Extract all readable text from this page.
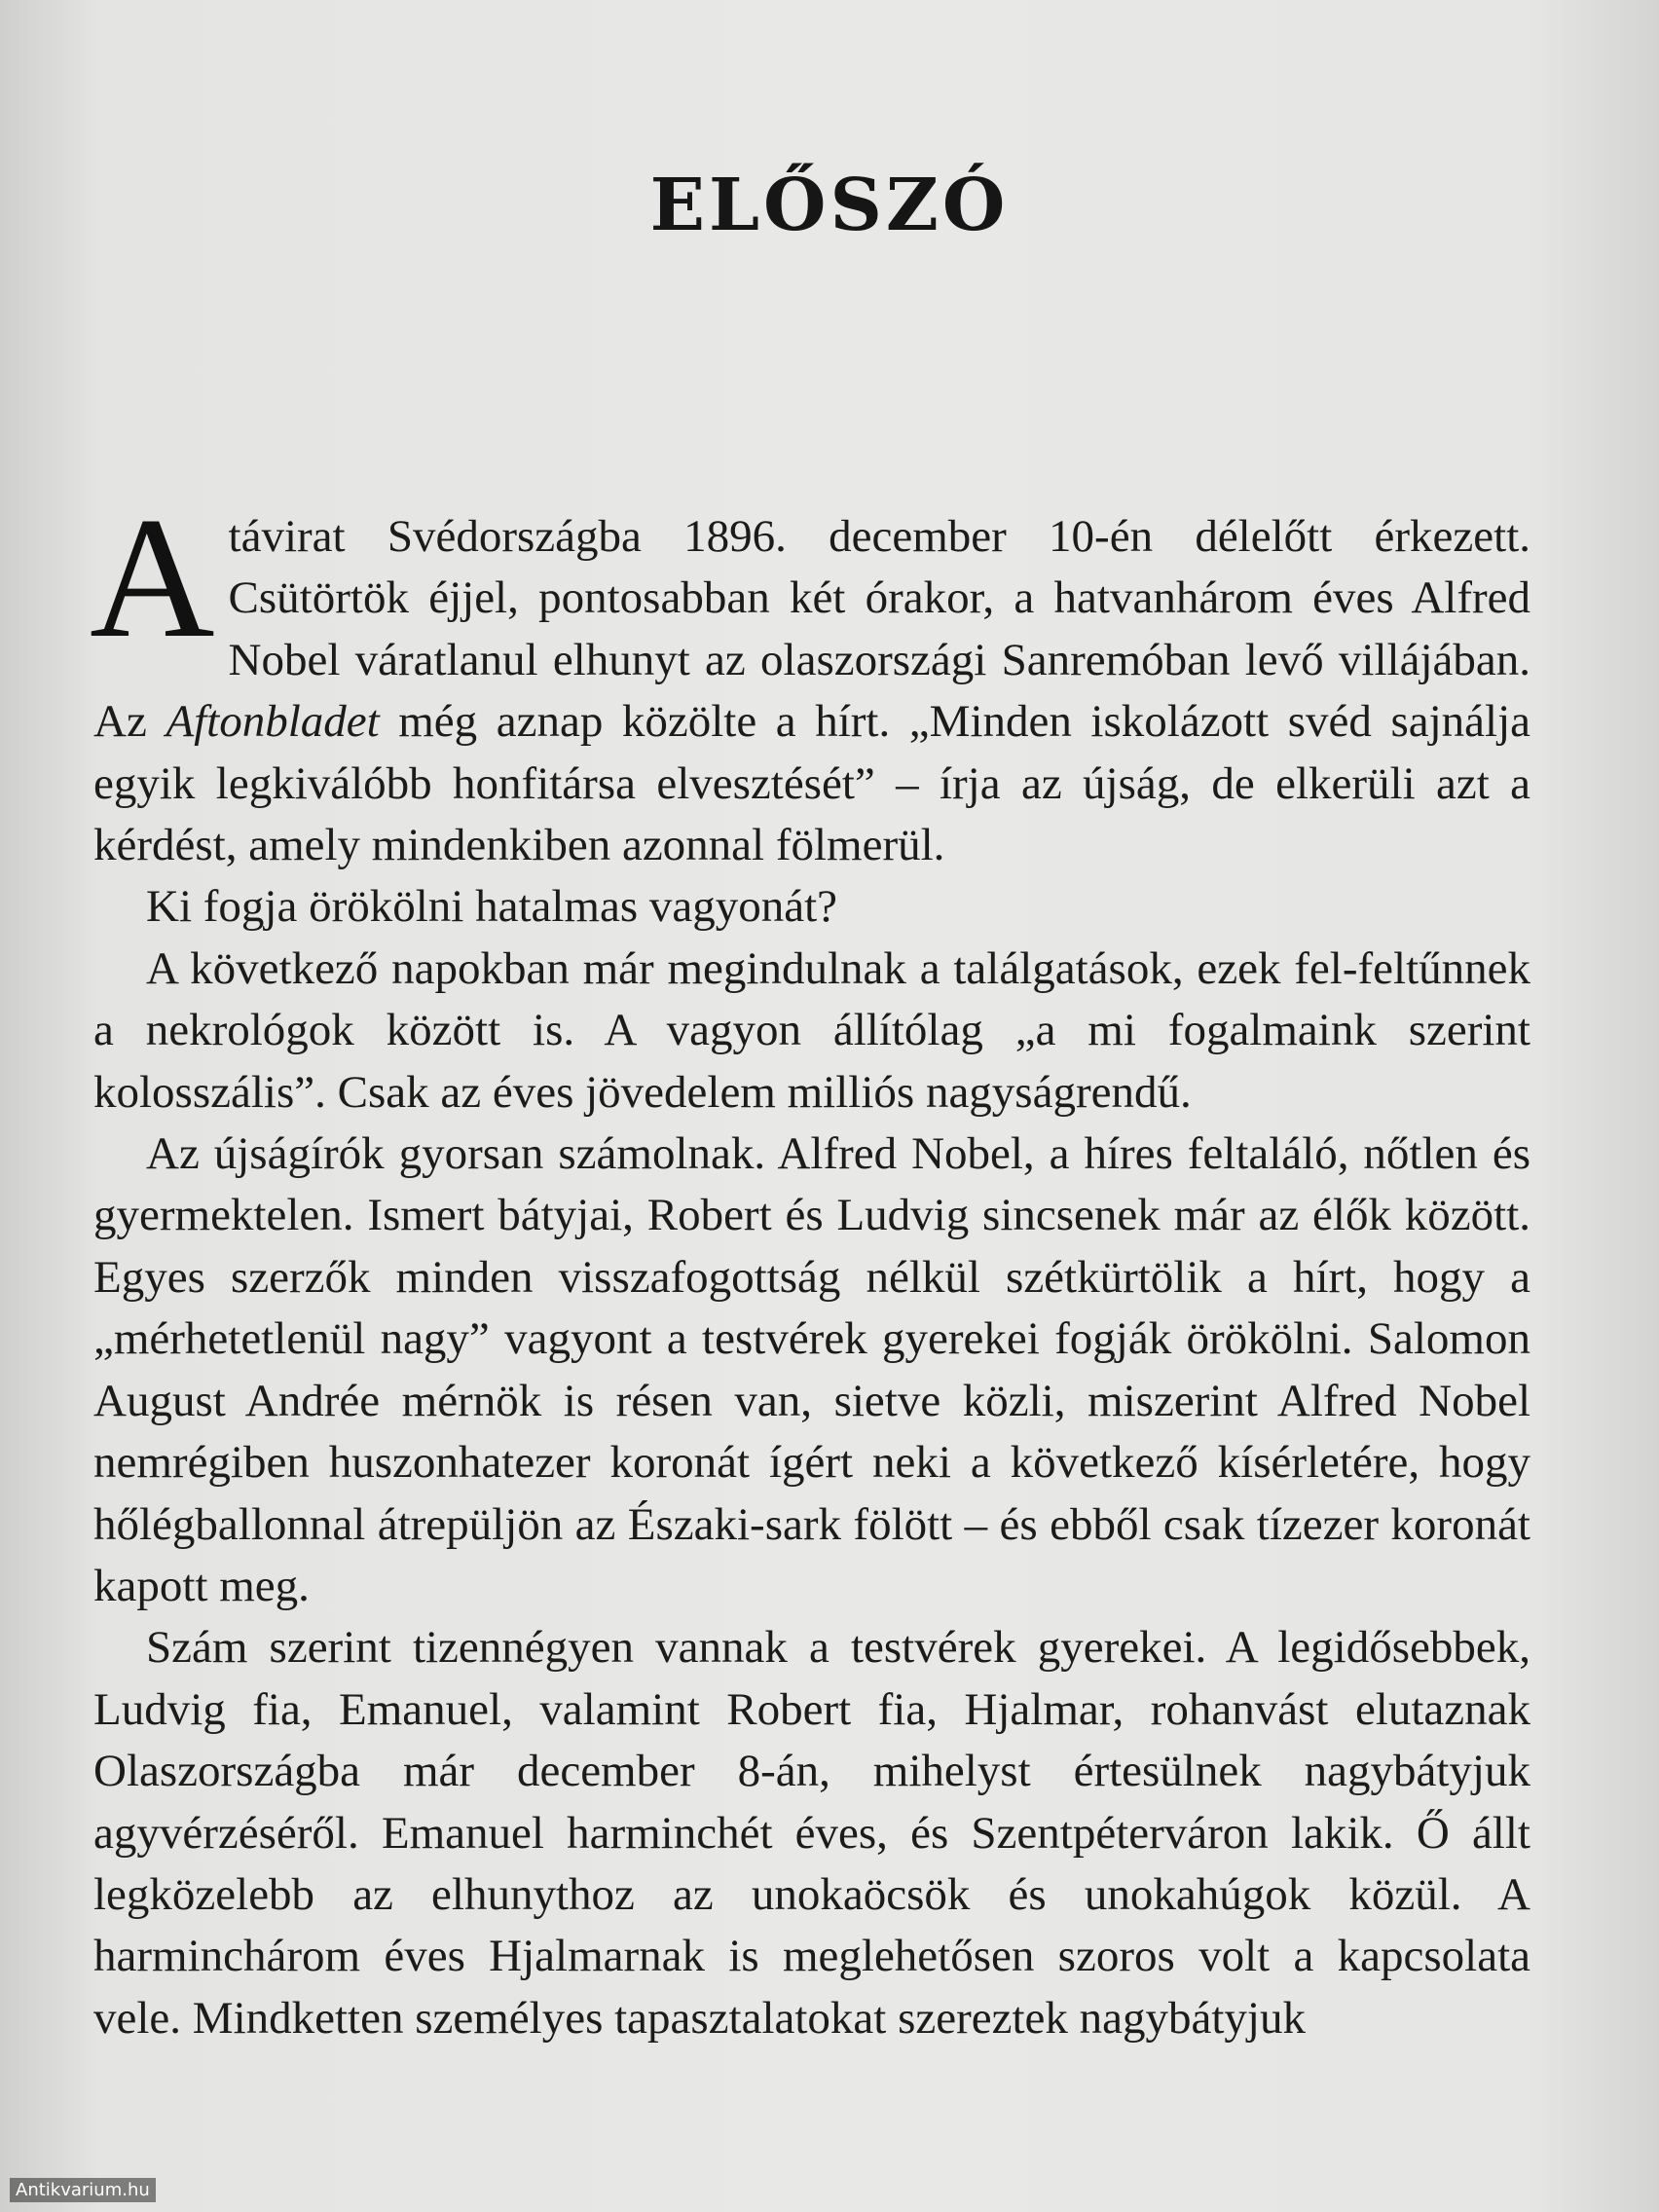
ELŐSZÓ

A távirat Svédországba 1896. december 10-én délelőtt érkezett. Csütörtök éjjel, pontosabban két órakor, a hatvanhárom éves Alfred Nobel váratlanul elhunyt az olaszországi Sanremóban levő villájában. Az Aftonbladet még aznap közölte a hírt. „Minden iskolázott svéd sajnálja egyik legkiválóbb honfitársa elvesztését” – írja az újság, de elkerüli azt a kérdést, amely mindenkiben azonnal fölmerül.

Ki fogja örökölni hatalmas vagyonát?

A következő napokban már megindulnak a találgatások, ezek fel-feltűnnek a nekrológok között is. A vagyon állítólag „a mi fogalmaink szerint kolosszális”. Csak az éves jövedelem milliós nagyságrendű.

Az újságírók gyorsan számolnak. Alfred Nobel, a híres feltaláló, nőtlen és gyermektelen. Ismert bátyjai, Robert és Ludvig sincsenek már az élők között. Egyes szerzők minden visszafogottság nélkül szétkürtölik a hírt, hogy a „mérhetetlenül nagy” vagyont a testvérek gyerekei fogják örökölni. Salomon August Andrée mérnök is résen van, sietve közli, miszerint Alfred Nobel nemrégiben huszonhatezer koronát ígért neki a következő kísérletére, hogy hőlégballonnal átrepüljön az Északi-sark fölött – és ebből csak tízezer koronát kapott meg.

Szám szerint tizennégyen vannak a testvérek gyerekei. A legidősebbek, Ludvig fia, Emanuel, valamint Robert fia, Hjalmar, rohanvást elutaznak Olaszországba már december 8-án, mihelyst értesülnek nagybátyjuk agyvérzéséről. Emanuel harminchét éves, és Szentpéterváron lakik. Ő állt legközelebb az elhunythoz az unokaöcsök és unokahúgok közül. A harminchárom éves Hjalmarnak is meglehetősen szoros volt a kapcsolata vele. Mindketten személyes tapasztalatokat szereztek nagybátyjuk

Antikvarium.hu
